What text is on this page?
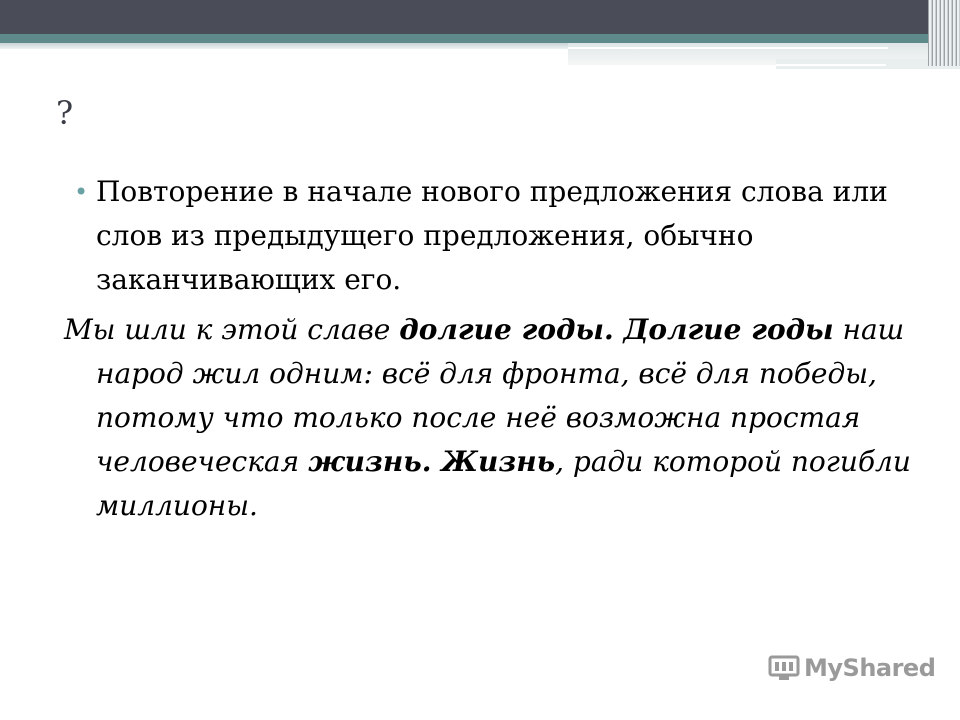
?
• Повторение в начале нового предложения слова или слов из предыдущего предложения, обычно заканчивающих его.
Мы шли к этой славе долгие годы. Долгие годы наш народ жил одним: всё для фронта, всё для победы, потому что только после неё возможна простая человеческая жизнь. Жизнь, ради которой погибли миллионы.
MyShared
